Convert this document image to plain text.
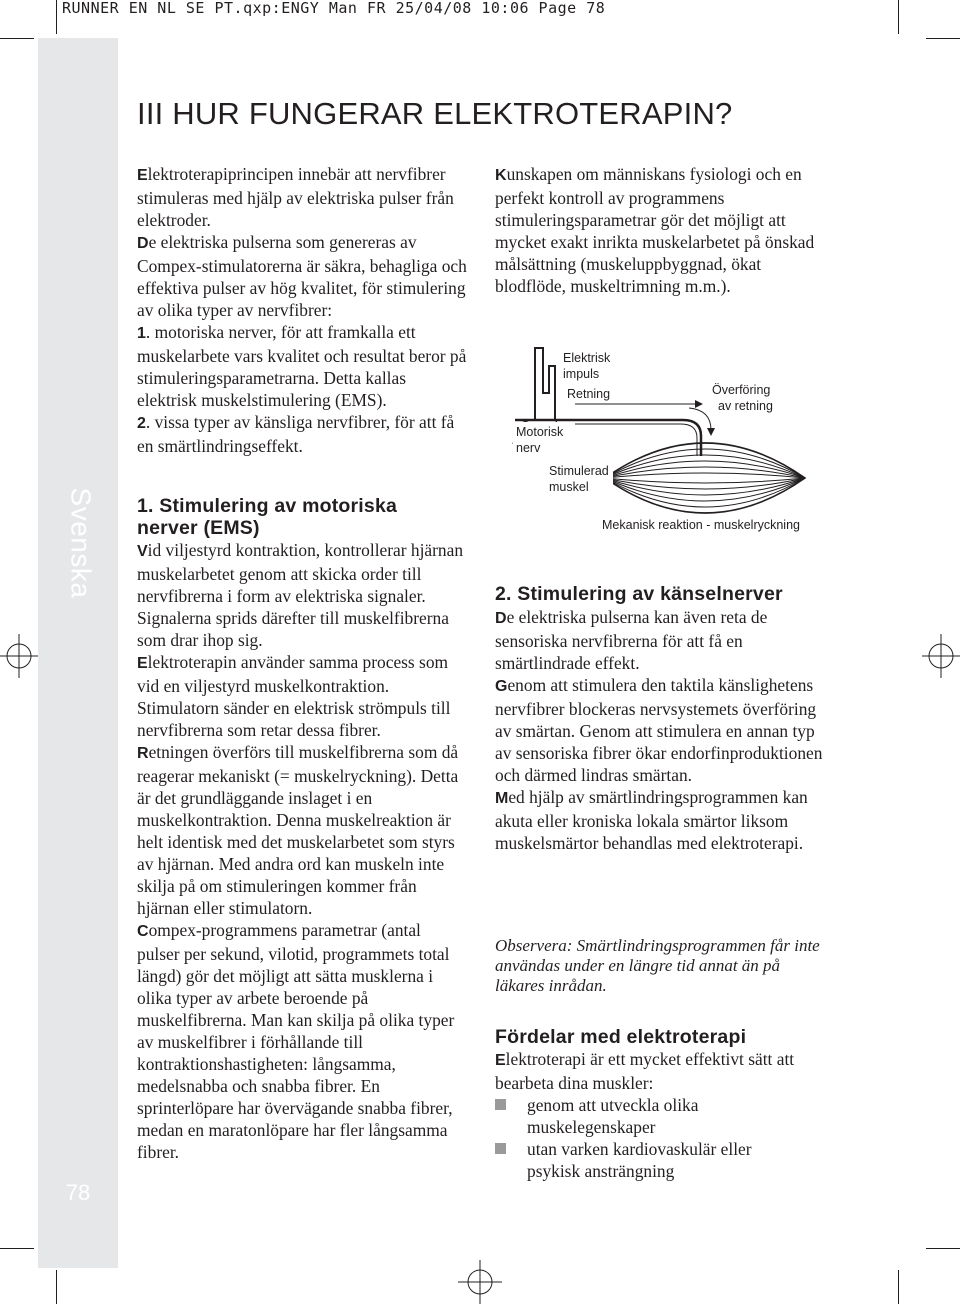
RUNNER EN NL SE PT.qxp:ENGY Man FR 25/04/08 10:06 Page 78
Svenska
78
III HUR FUNGERAR ELEKTROTERAPIN?

Elektroterapiprincipen innebär att nervfibrer stimuleras med hjälp av elektriska pulser från elektroder.

De elektriska pulserna som genereras av Compex-stimulatorerna är säkra, behagliga och effektiva pulser av hög kvalitet, för stimulering av olika typer av nervfibrer:

1. motoriska nerver, för att framkalla ett muskelarbete vars kvalitet och resultat beror på stimuleringsparametrarna. Detta kallas elektrisk muskelstimulering (EMS).

2. vissa typer av känsliga nervfibrer, för att få en smärtlindringseffekt.

1. Stimulering av motoriska nerver (EMS)

Vid viljestyrd kontraktion, kontrollerar hjärnan muskelarbetet genom att skicka order till nervfibrerna i form av elektriska signaler. Signalerna sprids därefter till muskelfibrerna som drar ihop sig.

Elektroterapin använder samma process som vid en viljestyrd muskelkontraktion. Stimulatorn sänder en elektrisk strömpuls till nervfibrerna som retar dessa fibrer.

Retningen överförs till muskelfibrerna som då reagerar mekaniskt (= muskelryckning). Detta är det grundläggande inslaget i en muskelkontraktion. Denna muskelreaktion är helt identisk med det muskelarbetet som styrs av hjärnan. Med andra ord kan muskeln inte skilja på om stimuleringen kommer från hjärnan eller stimulatorn.

Compex-programmens parametrar (antal pulser per sekund, vilotid, programmets total längd) gör det möjligt att sätta musklerna i olika typer av arbete beroende på muskelfibrerna. Man kan skilja på olika typer av muskelfibrer i förhållande till kontraktionshastigheten: långsamma, medelsnabba och snabba fibrer. En sprinterlöpare har övervägande snabba fibrer, medan en maratonlöpare har fler långsamma fibrer.

Kunskapen om människans fysiologi och en perfekt kontroll av programmens stimuleringsparametrar gör det möjligt att mycket exakt inrikta muskelarbetet på önskad målsättning (muskeluppbyggnad, ökat blodflöde, muskeltrimning m.m.).

Elektrisk
impuls
Retning	Överföring
av retning
Motorisk
nerv
Stimulerad
muskel
Mekanisk reaktion - muskelryckning
2. Stimulering av känselnerver

De elektriska pulserna kan även reta de sensoriska nervfibrerna för att få en smärtlindrade effekt.

Genom att stimulera den taktila känslighetens nervfibrer blockeras nervsystemets överföring av smärtan. Genom att stimulera en annan typ av sensoriska fibrer ökar endorfinproduktionen och därmed lindras smärtan.

Med hjälp av smärtlindringsprogrammen kan akuta eller kroniska lokala smärtor liksom muskelsmärtor behandlas med elektroterapi.

Observera: Smärtlindringsprogrammen får inte användas under en längre tid annat än på läkares inrådan.

Fördelar med elektroterapi

Elektroterapi är ett mycket effektivt sätt att bearbeta dina muskler:

genom att utveckla olika muskelegenskaper

utan varken kardiovaskulär eller psykisk ansträngning
